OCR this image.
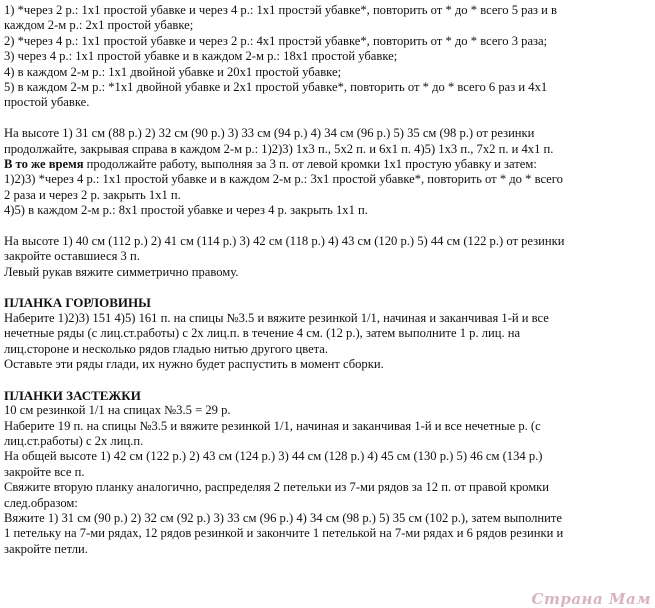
1) *через 2 р.: 1х1 простой убавке и через 4 р.: 1х1 простэй убавке*, повторить от * до * всего 5 раз и в
каждом 2-м р.: 2х1 простой убавке;
2) *через 4 р.: 1х1 простой убавке и через 2 р.: 4х1 простэй убавке*, повторить от * до * всего 3 раза;
3) через 4 р.: 1х1 простой убавке и в каждом 2-м р.: 18х1 простой убавке;
4) в каждом 2-м р.: 1х1 двойной убавке и 20х1 простой убавке;
5) в каждом 2-м р.: *1х1 двойной убавке и 2х1 простой убавке*, повторить от * до * всего 6 раз и 4х1
простой убавке.
На высоте 1) 31 см (88 р.) 2) 32 см (90 р.) 3) 33 см (94 р.) 4) 34 см (96 р.) 5) 35 см (98 р.) от резинки
продолжайте, закрывая справа в каждом 2-м р.: 1)2)3) 1х3 п., 5х2 п. и 6х1 п. 4)5) 1х3 п., 7х2 п. и 4х1 п.
В то же время продолжайте работу, выполняя за 3 п. от левой кромки 1х1 простую убавку и затем:
1)2)3) *через 4 р.: 1х1 простой убавке и в каждом 2-м р.: 3х1 простой убавке*, повторить от * до * всего
2 раза и через 2 р. закрыть 1х1 п.
4)5) в каждом 2-м р.: 8х1 простой убавке и через 4 р. закрыть 1х1 п.
На высоте 1) 40 см (112 р.) 2) 41 см (114 р.) 3) 42 см (118 р.) 4) 43 см (120 р.) 5) 44 см (122 р.) от резинки
закройте оставшиеся 3 п.
Левый рукав вяжите симметрично правому.
ПЛАНКА ГОРЛОВИНЫ
Наберите 1)2)3) 151 4)5) 161 п. на спицы №3.5 и вяжите резинкой 1/1, начиная и заканчивая 1-й и все
нечетные ряды (с лиц.ст.работы) с 2х лиц.п. в течение 4 см. (12 р.), затем выполните 1 р. лиц. на
лиц.стороне и несколько рядов гладью нитью другого цвета.
Оставьте эти ряды глади, их нужно будет распустить в момент сборки.
ПЛАНКИ ЗАСТЕЖКИ
10 см резинкой 1/1 на спицах №3.5 = 29 р.
Наберите 19 п. на спицы №3.5 и вяжите резинкой 1/1, начиная и заканчивая 1-й и все нечетные р. (с
лиц.ст.работы) с 2х лиц.п.
На общей высоте 1) 42 см (122 р.) 2) 43 см (124 р.) 3) 44 см (128 р.) 4) 45 см (130 р.) 5) 46 см (134 р.)
закройте все п.
Свяжите вторую планку аналогично, распределяя 2 петельки из 7-ми рядов за 12 п. от правой кромки
след.образом:
Вяжите 1) 31 см (90 р.) 2) 32 см (92 р.) 3) 33 см (96 р.) 4) 34 см (98 р.) 5) 35 см (102 р.), затем выполните
1 петельку на 7-ми рядах, 12 рядов резинкой и закончите 1 петелькой на 7-ми рядах и 6 рядов резинки и
закройте петли.
Страна Мам
